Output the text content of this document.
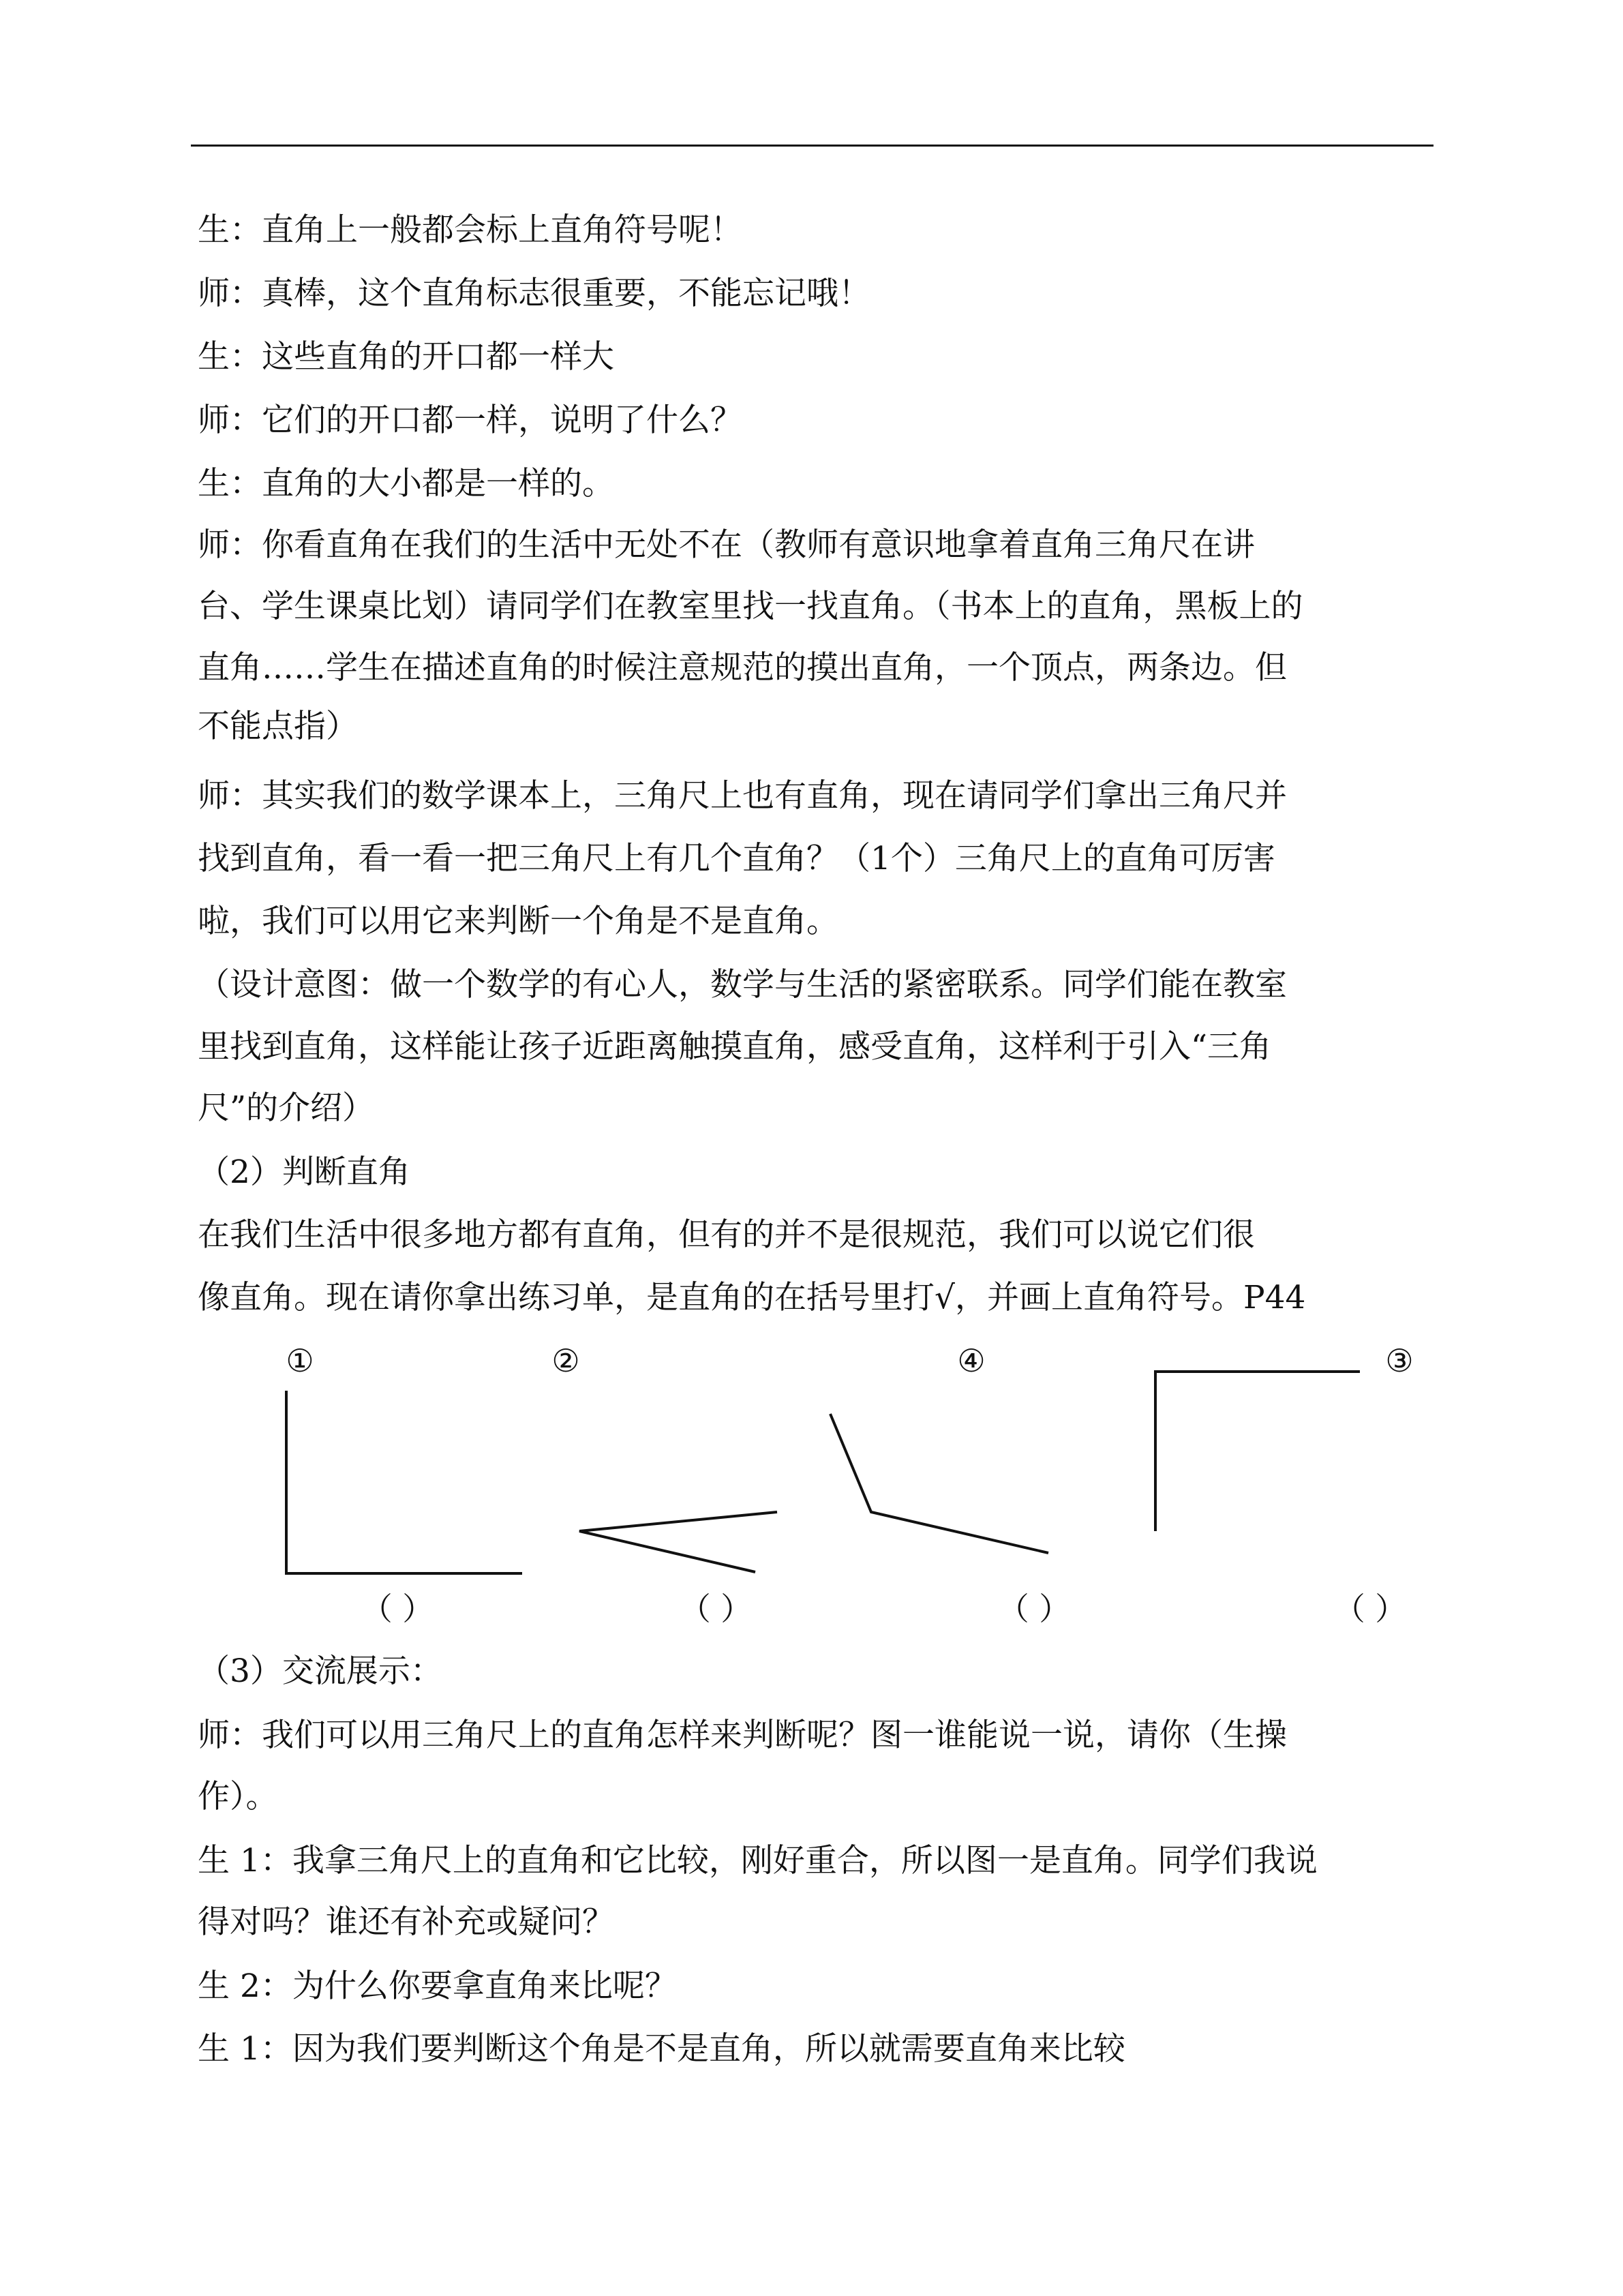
生：直角上一般都会标上直角符号呢！
师：真棒，这个直角标志很重要，不能忘记哦！
生：这些直角的开口都一样大
师：它们的开口都一样，说明了什么？
生：直角的大小都是一样的。
师：你看直角在我们的生活中无处不在（教师有意识地拿着直角三角尺在讲
台、学生课桌比划）请同学们在教室里找一找直角。（书本上的直角，黑板上的
直角……学生在描述直角的时候注意规范的摸出直角，一个顶点，两条边。但
不能点指）
师：其实我们的数学课本上，三角尺上也有直角，现在请同学们拿出三角尺并
找到直角，看一看一把三角尺上有几个直角？（1个）三角尺上的直角可厉害
啦，我们可以用它来判断一个角是不是直角。
（设计意图：做一个数学的有心人，数学与生活的紧密联系。同学们能在教室
里找到直角，这样能让孩子近距离触摸直角，感受直角，这样利于引入“三角
尺”的介绍）
（2）判断直角
在我们生活中很多地方都有直角，但有的并不是很规范，我们可以说它们很
像直角。现在请你拿出练习单，是直角的在括号里打√，并画上直角符号。P44
①	②	④	③
（ ）	（ ）	（ ）	（ ）
（3）交流展示：
师：我们可以用三角尺上的直角怎样来判断呢？图一谁能说一说，请你（生操
作）。
生 1：我拿三角尺上的直角和它比较，刚好重合，所以图一是直角。同学们我说
得对吗？谁还有补充或疑问？
生 2：为什么你要拿直角来比呢？
生 1：因为我们要判断这个角是不是直角，所以就需要直角来比较
